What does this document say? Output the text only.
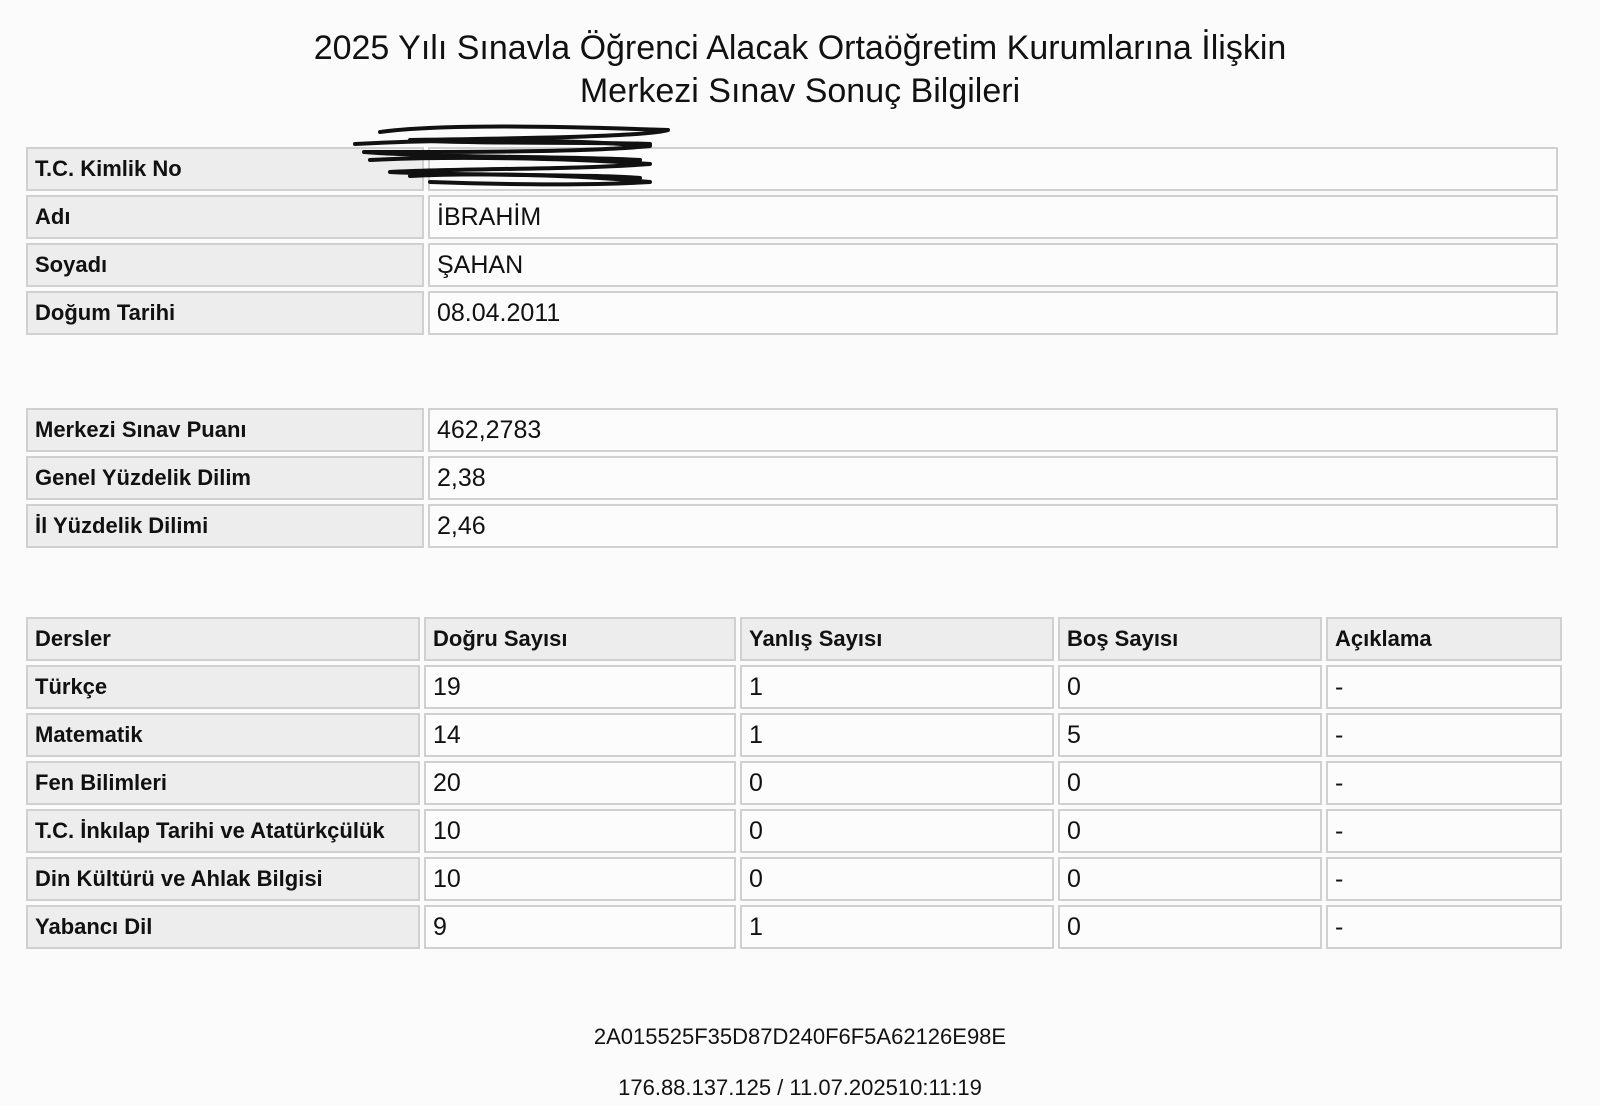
2025 Yılı Sınavla Öğrenci Alacak Ortaöğretim Kurumlarına İlişkin
Merkezi Sınav Sonuç Bilgileri
T.C. Kimlik No	
Adı	İBRAHİM
Soyadı	ŞAHAN
Doğum Tarihi	08.04.2011
Merkezi Sınav Puanı	462,2783
Genel Yüzdelik Dilim	2,38
İl Yüzdelik Dilimi	2,46
Dersler	Doğru Sayısı	Yanlış Sayısı	Boş Sayısı	Açıklama
Türkçe	19	1	0	-
Matematik	14	1	5	-
Fen Bilimleri	20	0	0	-
T.C. İnkılap Tarihi ve Atatürkçülük	10	0	0	-
Din Kültürü ve Ahlak Bilgisi	10	0	0	-
Yabancı Dil	9	1	0	-
2A015525F35D87D240F6F5A62126E98E
176.88.137.125 / 11.07.202510:11:19
